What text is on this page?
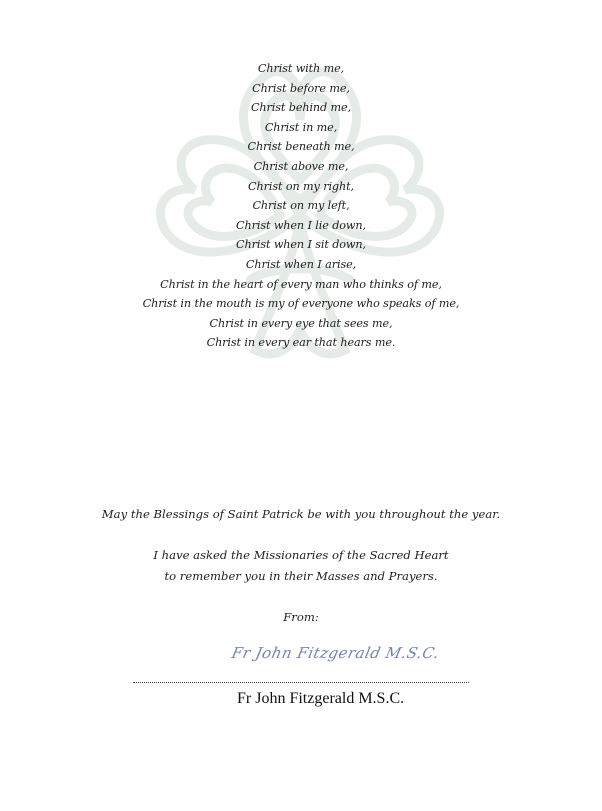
Christ with me,
Christ before me,
Christ behind me,
Christ in me,
Christ beneath me,
Christ above me,
Christ on my right,
Christ on my left,
Christ when I lie down,
Christ when I sit down,
Christ when I arise,
Christ in the heart of every man who thinks of me,
Christ in the mouth is my of everyone who speaks of me,
Christ in every eye that sees me,
Christ in every ear that hears me.
May the Blessings of Saint Patrick be with you throughout the year.
I have asked the Missionaries of the Sacred Heart
to remember you in their Masses and Prayers.
From:
Fr John Fitzgerald M.S.C.
Fr John Fitzgerald M.S.C.
